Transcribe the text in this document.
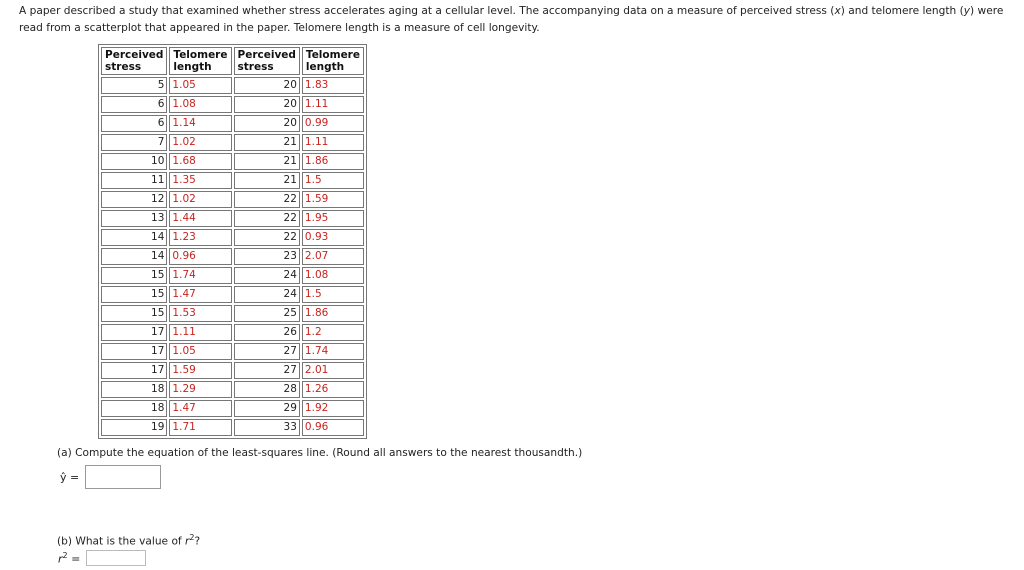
A paper described a study that examined whether stress accelerates aging at a cellular level. The accompanying data on a measure of perceived stress (x) and telomere length (y) were read from a scatterplot that appeared in the paper. Telomere length is a measure of cell longevity.
Perceived stress	Telomere length	Perceived stress	Telomere length
5	1.05	20	1.83
6	1.08	20	1.11
6	1.14	20	0.99
7	1.02	21	1.11
10	1.68	21	1.86
11	1.35	21	1.5
12	1.02	22	1.59
13	1.44	22	1.95
14	1.23	22	0.93
14	0.96	23	2.07
15	1.74	24	1.08
15	1.47	24	1.5
15	1.53	25	1.86
17	1.11	26	1.2
17	1.05	27	1.74
17	1.59	27	2.01
18	1.29	28	1.26
18	1.47	29	1.92
19	1.71	33	0.96
(a) Compute the equation of the least-squares line. (Round all answers to the nearest thousandth.)
ŷ =
(b) What is the value of $r^2$?
$r^2$ =
